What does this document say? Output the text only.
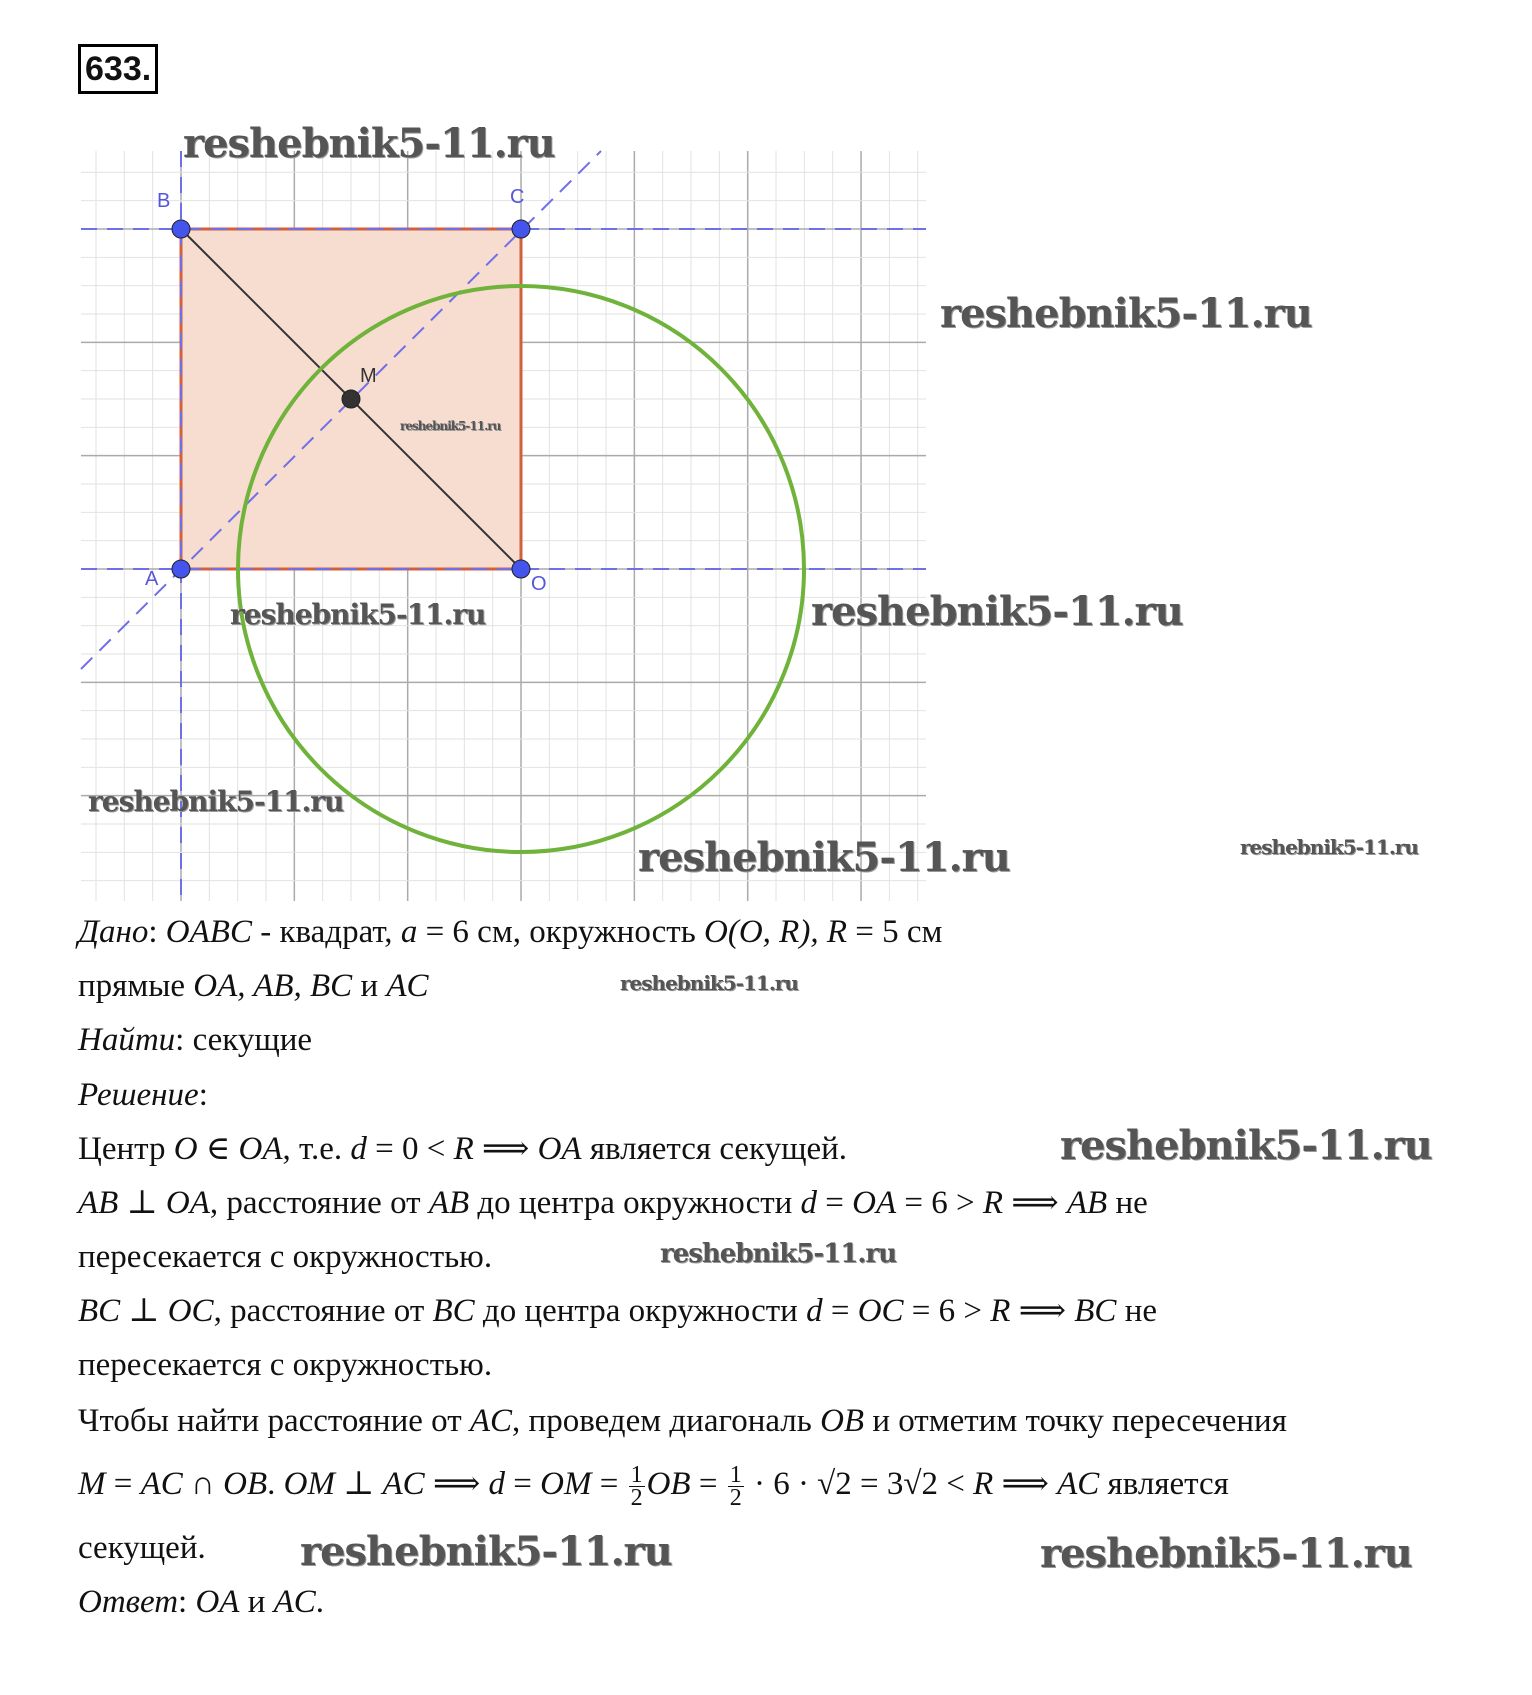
633.
B	C
A	O
M
Дано: OABC - квадрат, a = 6 см, окружность O(O, R), R = 5 см
прямые OA, AB, BC и AC
Найти: секущие
Решение:
Центр O ∈ OA, т.е. d = 0 < R ⟹ OA является секущей.
AB ⊥ OA, расстояние от AB до центра окружности d = OA = 6 > R ⟹ AB не
пересекается с окружностью.
BC ⊥ OC, расстояние от BC до центра окружности d = OC = 6 > R ⟹ BC не
пересекается с окружностью.
Чтобы найти расстояние от AC, проведем диагональ OB и отметим точку пересечения
M = AC ∩ OB. OM ⊥ AC ⟹ d = OM = $\frac{1}{2}$ OB = $\frac{1}{2} \cdot 6 \cdot √2 = 3√2 < R$ ⟹ AC является
секущей.
Ответ: OA и AC.
reshebnik5-11.ru
reshebnik5-11.ru
reshebnik5-11.ru
reshebnik5-11.ru
reshebnik5-11.ru
reshebnik5-11.ru	reshebnik5-11.ru
reshebnik5-11.ru
reshebnik5-11.ru
reshebnik5-11.ru
reshebnik5-11.ru
reshebnik5-11.ru	reshebnik5-11.ru
